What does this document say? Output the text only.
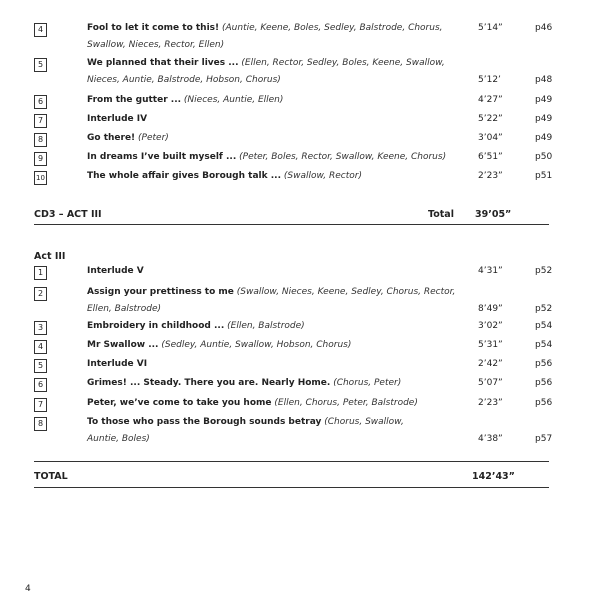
4	Fool to let it come to this! (Auntie, Keene, Boles, Sedley, Balstrode, Chorus,
Swallow, Nieces, Rector, Ellen)
5’14”	p46
5	We planned that their lives ... (Ellen, Rector, Sedley, Boles, Keene, Swallow,
Nieces, Auntie, Balstrode, Hobson, Chorus)	5’12’	p48
6	From the gutter ... (Nieces, Auntie, Ellen)	4’27”	p49
7	Interlude IV	5’22”	p49
8	Go there! (Peter)	3’04”	p49
9	In dreams I’ve built myself ... (Peter, Boles, Rector, Swallow, Keene, Chorus)	6’51”	p50
10	The whole affair gives Borough talk ... (Swallow, Rector)	2’23”	p51
CD3 – ACT III	Total 39’05”
Act III
1	Interlude V	4’31”	p52
2	Assign your prettiness to me (Swallow, Nieces, Keene, Sedley, Chorus, Rector,
Ellen, Balstrode)	8’49”	p52
3	Embroidery in childhood ... (Ellen, Balstrode)	3’02”	p54
4	Mr Swallow ... (Sedley, Auntie, Swallow, Hobson, Chorus)	5’31”	p54
5	Interlude VI	2’42”	p56
6	Grimes! ... Steady. There you are. Nearly Home. (Chorus, Peter)	5’07”	p56
7	Peter, we’ve come to take you home (Ellen, Chorus, Peter, Balstrode)	2’23”	p56
8	To those who pass the Borough sounds betray (Chorus, Swallow,
Auntie, Boles)	4’38”	p57
TOTAL	142’43”
4
